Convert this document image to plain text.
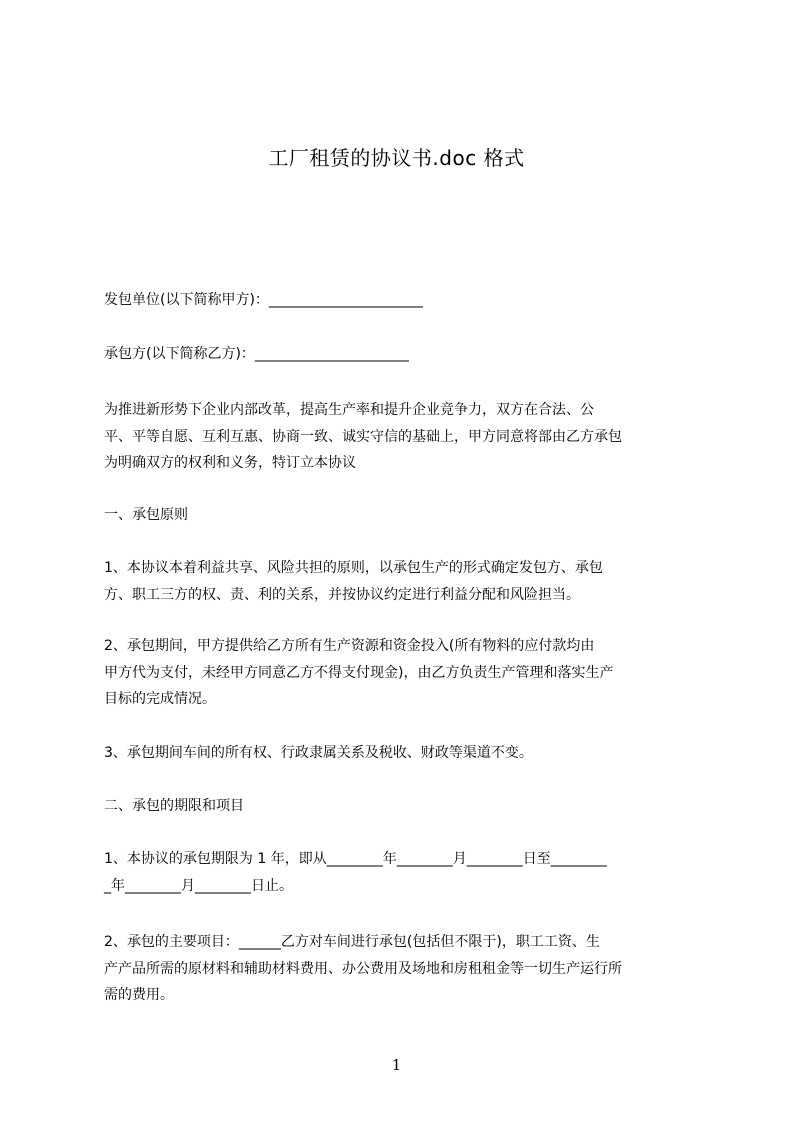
工厂租赁的协议书.doc 格式
发包单位(以下简称甲方)：______________________
承包方(以下简称乙方)：______________________
为推进新形势下企业内部改革，提高生产率和提升企业竞争力，双方在合法、公
平、平等自愿、互利互惠、协商一致、诚实守信的基础上，甲方同意将部由乙方承包
为明确双方的权利和义务，特订立本协议
一、承包原则
1、本协议本着利益共享、风险共担的原则，以承包生产的形式确定发包方、承包
方、职工三方的权、责、利的关系，并按协议约定进行利益分配和风险担当。
2、承包期间，甲方提供给乙方所有生产资源和资金投入(所有物料的应付款均由
甲方代为支付，未经甲方同意乙方不得支付现金)，由乙方负责生产管理和落实生产
目标的完成情况。
3、承包期间车间的所有权、行政隶属关系及税收、财政等渠道不变。
二、承包的期限和项目
1、本协议的承包期限为 1 年，即从________年________月________日至________
_年________月________日止。
2、承包的主要项目：______乙方对车间进行承包(包括但不限于)，职工工资、生
产产品所需的原材料和辅助材料费用、办公费用及场地和房租租金等一切生产运行所
需的费用。
1
